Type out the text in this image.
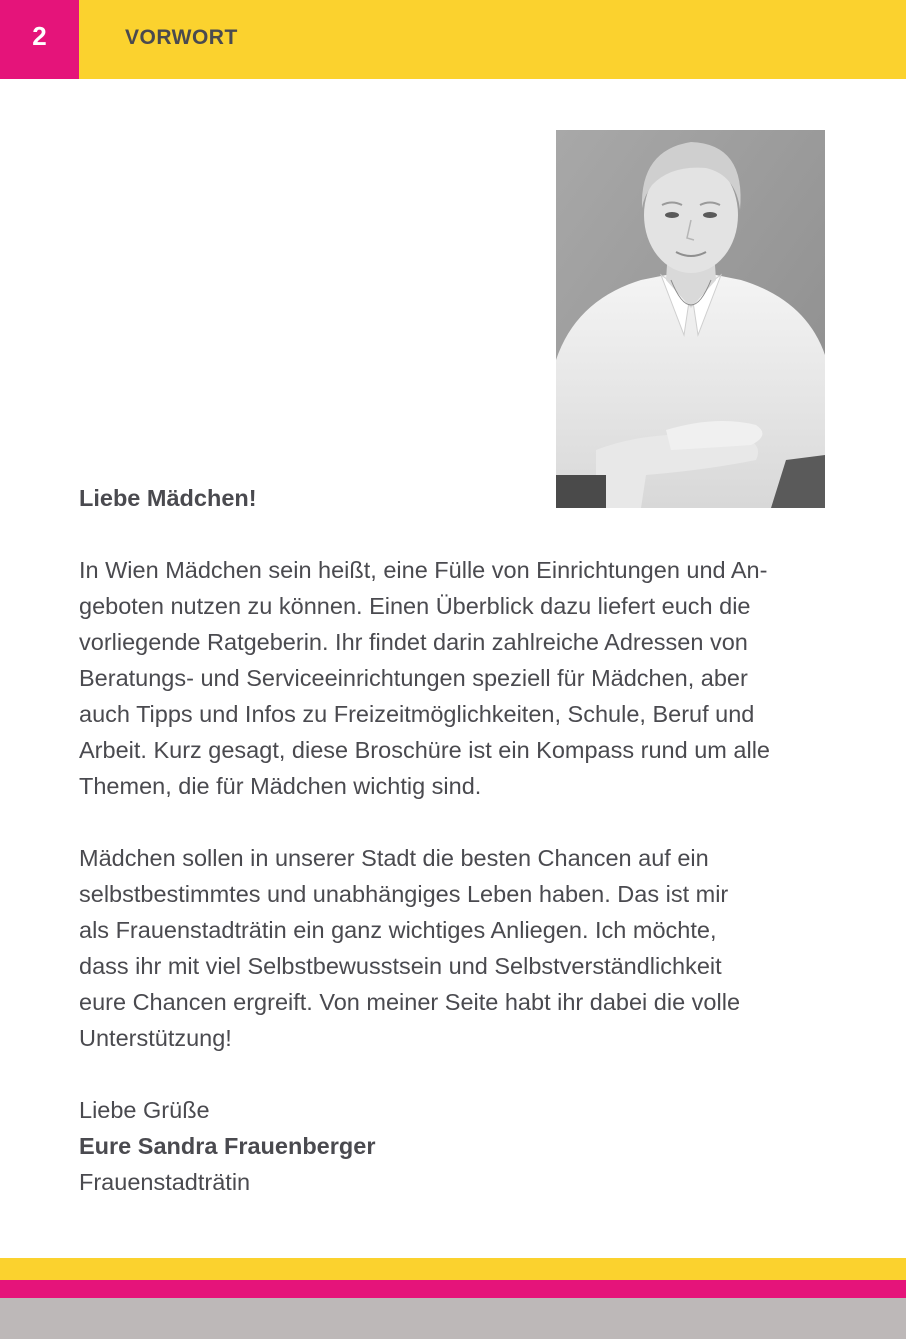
2	VORWORT

Liebe Mädchen!

In Wien Mädchen sein heißt, eine Fülle von Einrichtungen und An-
geboten nutzen zu können. Einen Überblick dazu liefert euch die
vorliegende Ratgeberin. Ihr findet darin zahlreiche Adressen von
Beratungs- und Serviceeinrichtungen speziell für Mädchen, aber
auch Tipps und Infos zu Freizeitmöglichkeiten, Schule, Beruf und
Arbeit. Kurz gesagt, diese Broschüre ist ein Kompass rund um alle
Themen, die für Mädchen wichtig sind.

Mädchen sollen in unserer Stadt die besten Chancen auf ein
selbstbestimmtes und unabhängiges Leben haben. Das ist mir
als Frauenstadträtin ein ganz wichtiges Anliegen. Ich möchte,
dass ihr mit viel Selbstbewusstsein und Selbstverständlichkeit
eure Chancen ergreift. Von meiner Seite habt ihr dabei die volle
Unterstützung!

Liebe Grüße
Eure Sandra Frauenberger
Frauenstadträtin
